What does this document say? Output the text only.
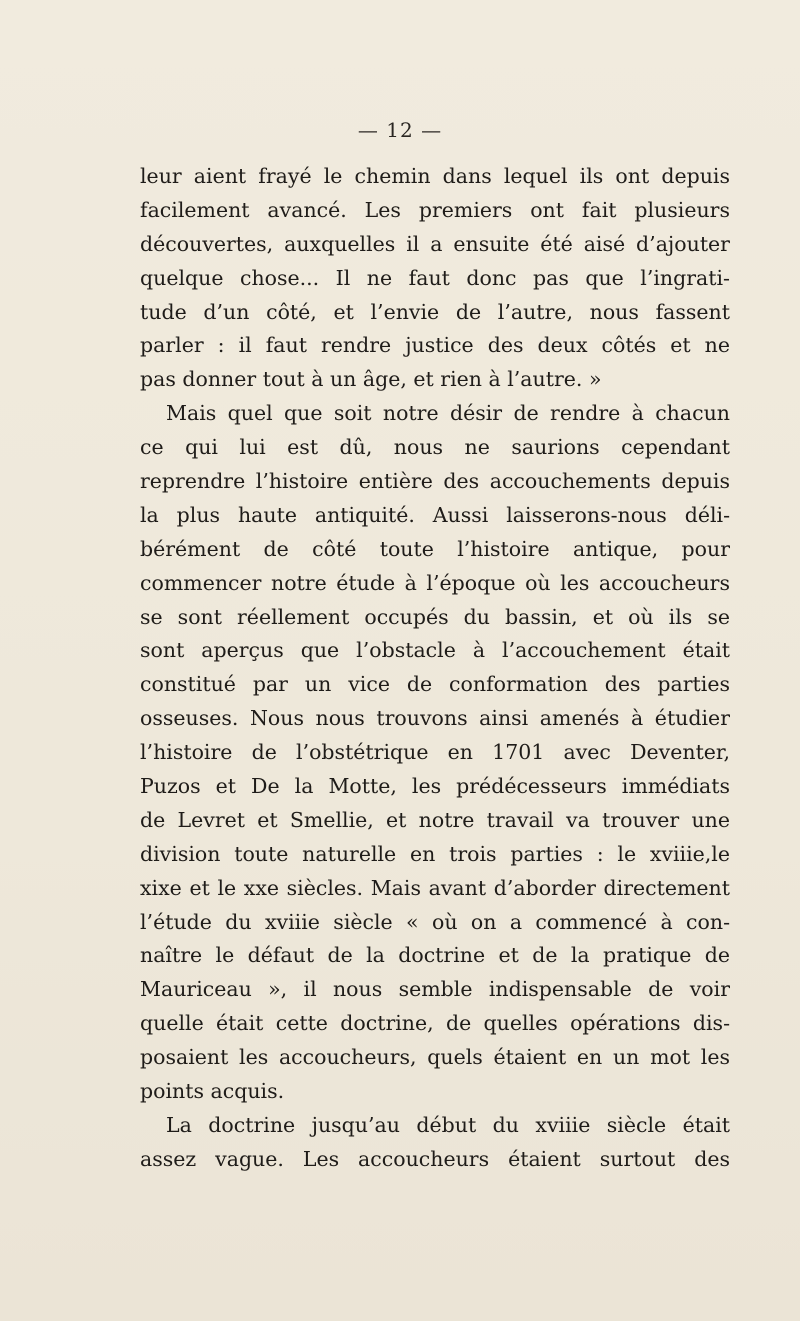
— 12 —
leur aient frayé le chemin dans lequel ils ont depuis
facilement avancé. Les premiers ont fait plusieurs
découvertes, auxquelles il a ensuite été aisé d’ajouter
quelque chose... Il ne faut donc pas que l’ingrati-
tude d’un côté, et l’envie de l’autre, nous fassent
parler : il faut rendre justice des deux côtés et ne
pas donner tout à un âge, et rien à l’autre. »
Mais quel que soit notre désir de rendre à chacun
ce qui lui est dû, nous ne saurions cependant
reprendre l’histoire entière des accouchements depuis
la plus haute antiquité. Aussi laisserons-nous déli-
bérément de côté toute l’histoire antique, pour
commencer notre étude à l’époque où les accoucheurs
se sont réellement occupés du bassin, et où ils se
sont aperçus que l’obstacle à l’accouchement était
constitué par un vice de conformation des parties
osseuses. Nous nous trouvons ainsi amenés à étudier
l’histoire de l’obstétrique en 1701 avec Deventer,
Puzos et De la Motte, les prédécesseurs immédiats
de Levret et Smellie, et notre travail va trouver une
division toute naturelle en trois parties : le xviiie,le
xixe et le xxe siècles. Mais avant d’aborder directement
l’étude du xviiie siècle « où on a commencé à con-
naître le défaut de la doctrine et de la pratique de
Mauriceau », il nous semble indispensable de voir
quelle était cette doctrine, de quelles opérations dis-
posaient les accoucheurs, quels étaient en un mot les
points acquis.
La doctrine jusqu’au début du xviiie siècle était
assez vague. Les accoucheurs étaient surtout des
